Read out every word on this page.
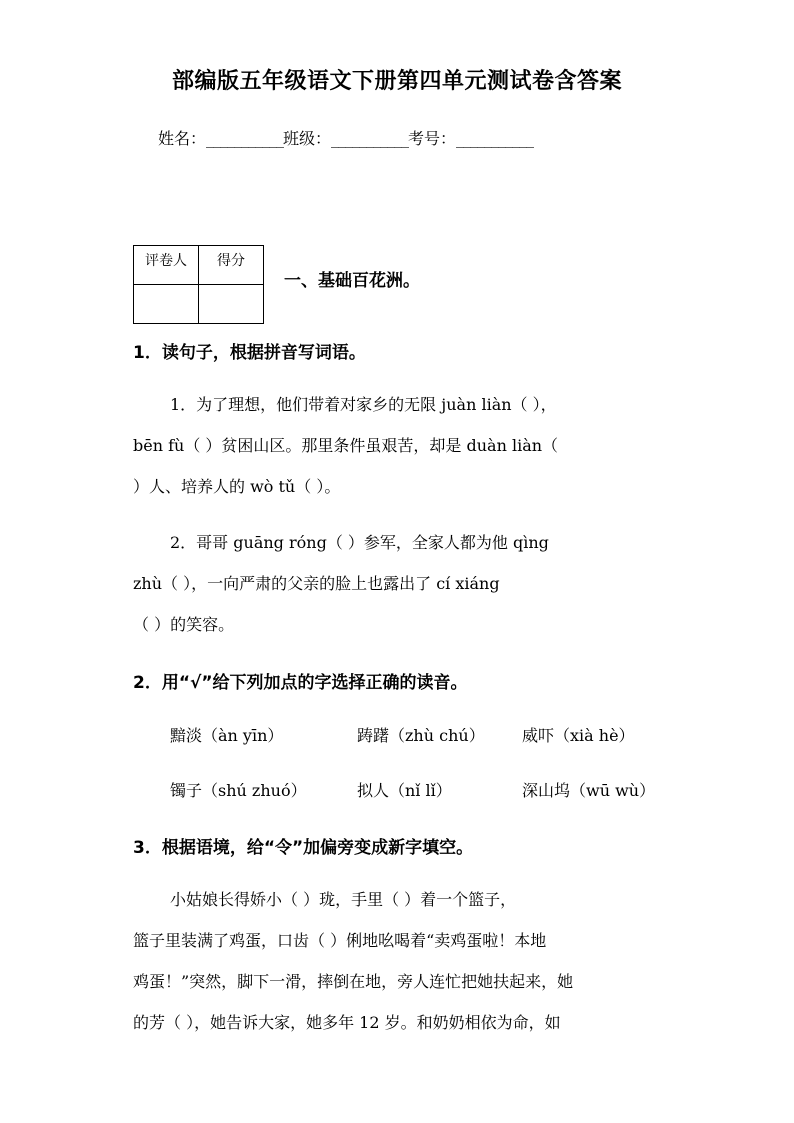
部编版五年级语文下册第四单元测试卷含答案
姓名：___________班级：___________考号：___________
评卷人	得分

一、基础百花洲。
1．读句子，根据拼音写词语。
1．为了理想，他们带着对家乡的无限 juàn liàn（ ），
bēn fù（ ）贫困山区。那里条件虽艰苦，却是 duàn liàn（
）人、培养人的 wò tǔ（ ）。
2．哥哥 guāng róng（ ）参军，全家人都为他 qìng
zhù（ ），一向严肃的父亲的脸上也露出了 cí xiáng
（ ）的笑容。
2．用“√”给下列加点的字选择正确的读音。
黯淡（àn yīn）	踌躇（zhù chú） 威吓（xià hè）
镯子（shú zhuó）	拟人（nǐ lǐ）	深山坞（wū wù）
3．根据语境，给“令”加偏旁变成新字填空。
小姑娘长得娇小（ ）珑，手里（ ）着一个篮子，
篮子里装满了鸡蛋，口齿（ ）俐地吆喝着“卖鸡蛋啦！本地
鸡蛋！”突然，脚下一滑，摔倒在地，旁人连忙把她扶起来，她
的芳（ ），她告诉大家，她多年 12 岁。和奶奶相依为命，如
